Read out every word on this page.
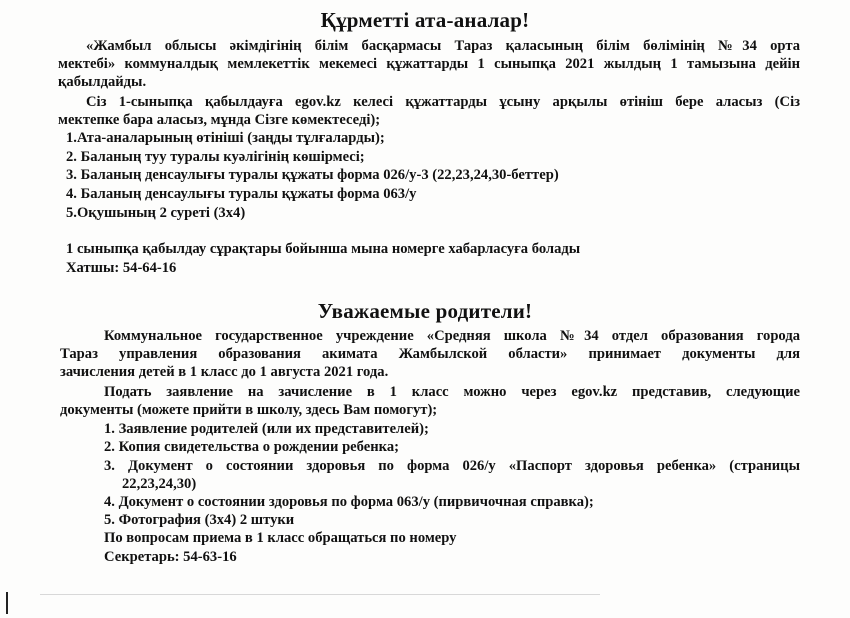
Құрметті ата-аналар!
«Жамбыл облысы әкімдігінің білім басқармасы Тараз қаласының білім бөлімінің №34 орта
мектебі» коммуналдық мемлекеттік мекемесі құжаттарды 1 сыныпқа 2021 жылдың 1 тамызына дейін
қабылдайды.
Сіз 1-сыныпқа қабылдауға egov.kz келесі құжаттарды ұсыну арқылы өтініш бере аласыз (Сіз
мектепке бара аласыз, мұнда Сізге көмектеседі);
1.Ата-аналарының өтініші (заңды тұлғаларды);
2. Баланың туу туралы куәлігінің көшірмесі;
3. Баланың денсаулығы туралы құжаты форма 026/у-3 (22,23,24,30-беттер)
4. Баланың денсаулығы туралы құжаты форма 063/у
5.Оқушының 2 суреті (3х4)
1 сыныпқа қабылдау сұрақтары бойынша мына номерге хабарласуға болады
Хатшы: 54-64-16
Уважаемые родители!
Коммунальное государственное учреждение «Средняя школа №34 отдел образования города
Тараз управления образования акимата Жамбылской области» принимает документы для
зачисления детей в 1 класс до 1 августа 2021 года.
Подать заявление на зачисление в 1 класс можно через egov.kz представив, следующие
документы (можете прийти в школу, здесь Вам помогут);
1. Заявление родителей (или их представителей);
2. Копия свидетельства о рождении ребенка;
3. Документ о состоянии здоровья по форма 026/у «Паспорт здоровья ребенка» (страницы
22,23,24,30)
4. Документ о состоянии здоровья по форма 063/у (пирвичочная справка);
5. Фотография (3х4) 2 штуки
По вопросам приема в 1 класс обращаться по номеру
Секретарь: 54-63-16
